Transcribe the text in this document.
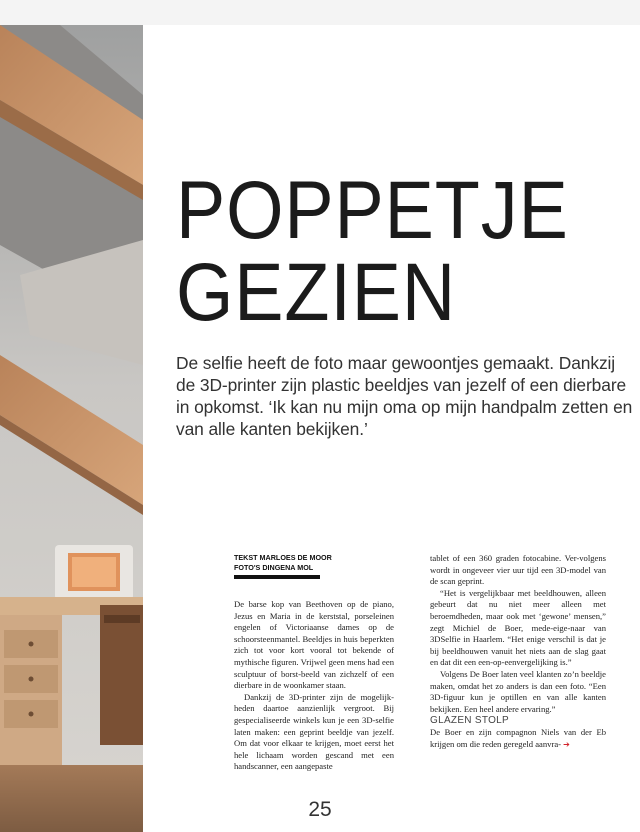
POPPETJE
GEZIEN

De selfie heeft de foto maar gewoontjes gemaakt. Dankzij de 3D-printer zijn plastic beeldjes van jezelf of een dierbare in opkomst. ‘Ik kan nu mijn oma op mijn handpalm zetten en van alle kanten bekijken.’

TEKST MARLOES DE MOOR
FOTO'S DINGENA MOL

De barse kop van Beethoven op de piano, Jezus en Maria in de kerststal, porseleinen engelen of Victoriaanse dames op de schoorsteenmantel. Beeldjes in huis beperkten zich tot voor kort vooral tot bekende of mythische figuren. Vrijwel geen mens had een sculptuur of borst-beeld van zichzelf of een dierbare in de woonkamer staan.

Dankzij de 3D-printer zijn de mogelijk-heden daartoe aanzienlijk vergroot. Bij gespecialiseerde winkels kun je een 3D-selfie laten maken: een geprint beeldje van jezelf. Om dat voor elkaar te krijgen, moet eerst het hele lichaam worden gescand met een handscanner, een aangepaste

tablet of een 360 graden fotocabine. Ver-volgens wordt in ongeveer vier uur tijd een 3D-model van de scan geprint.

“Het is vergelijkbaar met beeldhouwen, alleen gebeurt dat nu niet meer alleen met beroemdheden, maar ook met ‘gewone’ mensen,” zegt Michiel de Boer, mede-eige-naar van 3DSelfie in Haarlem. “Het enige verschil is dat je bij beeldhouwen vanuit het niets aan de slag gaat en dat dit een een-op-eenvergelijking is.”

Volgens De Boer laten veel klanten zo’n beeldje maken, omdat het zo anders is dan een foto. “Een 3D-figuur kun je optillen en van alle kanten bekijken. Een heel andere ervaring.”

GLAZEN STOLP

De Boer en zijn compagnon Niels van der Eb krijgen om die reden geregeld aanvra- ➔

25
